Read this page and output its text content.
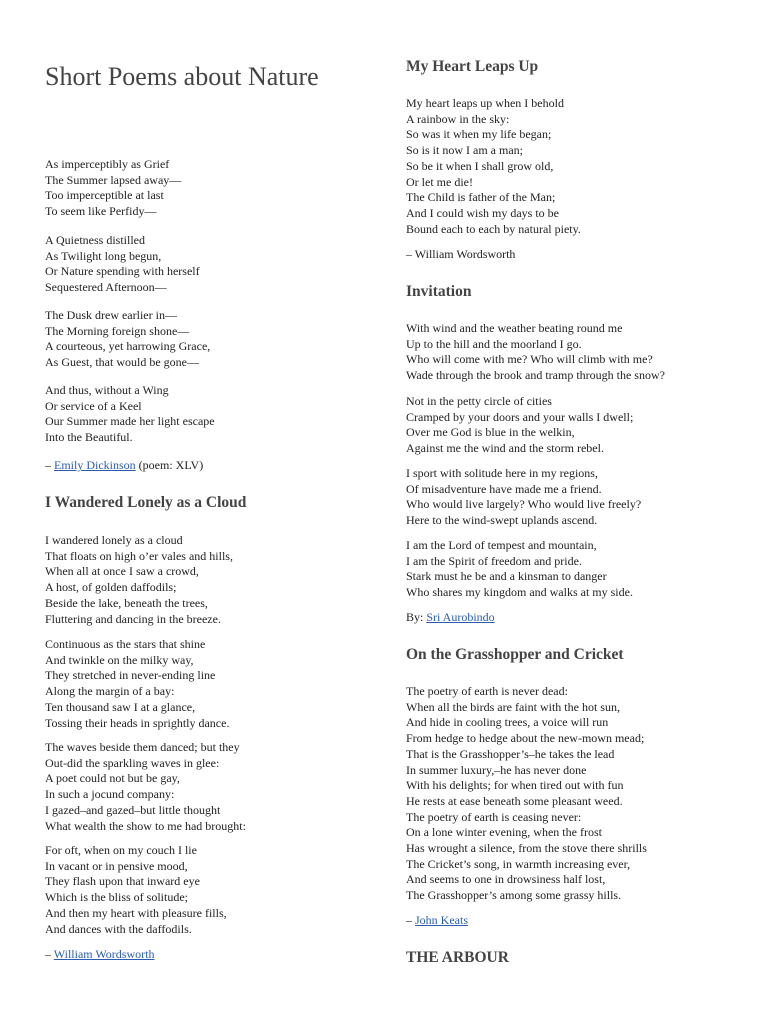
Short Poems about Nature
As imperceptibly as Grief
The Summer lapsed away—
Too imperceptible at last
To seem like Perfidy—
A Quietness distilled
As Twilight long begun,
Or Nature spending with herself
Sequestered Afternoon—
The Dusk drew earlier in—
The Morning foreign shone—
A courteous, yet harrowing Grace,
As Guest, that would be gone—
And thus, without a Wing
Or service of a Keel
Our Summer made her light escape
Into the Beautiful.
– Emily Dickinson (poem: XLV)
I Wandered Lonely as a Cloud
I wandered lonely as a cloud
That floats on high o’er vales and hills,
When all at once I saw a crowd,
A host, of golden daffodils;
Beside the lake, beneath the trees,
Fluttering and dancing in the breeze.
Continuous as the stars that shine
And twinkle on the milky way,
They stretched in never-ending line
Along the margin of a bay:
Ten thousand saw I at a glance,
Tossing their heads in sprightly dance.
The waves beside them danced; but they
Out-did the sparkling waves in glee:
A poet could not but be gay,
In such a jocund company:
I gazed–and gazed–but little thought
What wealth the show to me had brought:
For oft, when on my couch I lie
In vacant or in pensive mood,
They flash upon that inward eye
Which is the bliss of solitude;
And then my heart with pleasure fills,
And dances with the daffodils.
– William Wordsworth
My Heart Leaps Up
My heart leaps up when I behold
A rainbow in the sky:
So was it when my life began;
So is it now I am a man;
So be it when I shall grow old,
Or let me die!
The Child is father of the Man;
And I could wish my days to be
Bound each to each by natural piety.
– William Wordsworth
Invitation
With wind and the weather beating round me
Up to the hill and the moorland I go.
Who will come with me? Who will climb with me?
Wade through the brook and tramp through the snow?
Not in the petty circle of cities
Cramped by your doors and your walls I dwell;
Over me God is blue in the welkin,
Against me the wind and the storm rebel.
I sport with solitude here in my regions,
Of misadventure have made me a friend.
Who would live largely? Who would live freely?
Here to the wind-swept uplands ascend.
I am the Lord of tempest and mountain,
I am the Spirit of freedom and pride.
Stark must he be and a kinsman to danger
Who shares my kingdom and walks at my side.
By: Sri Aurobindo
On the Grasshopper and Cricket
The poetry of earth is never dead:
When all the birds are faint with the hot sun,
And hide in cooling trees, a voice will run
From hedge to hedge about the new-mown mead;
That is the Grasshopper’s–he takes the lead
In summer luxury,–he has never done
With his delights; for when tired out with fun
He rests at ease beneath some pleasant weed.
The poetry of earth is ceasing never:
On a lone winter evening, when the frost
Has wrought a silence, from the stove there shrills
The Cricket’s song, in warmth increasing ever,
And seems to one in drowsiness half lost,
The Grasshopper’s among some grassy hills.
– John Keats
THE ARBOUR
